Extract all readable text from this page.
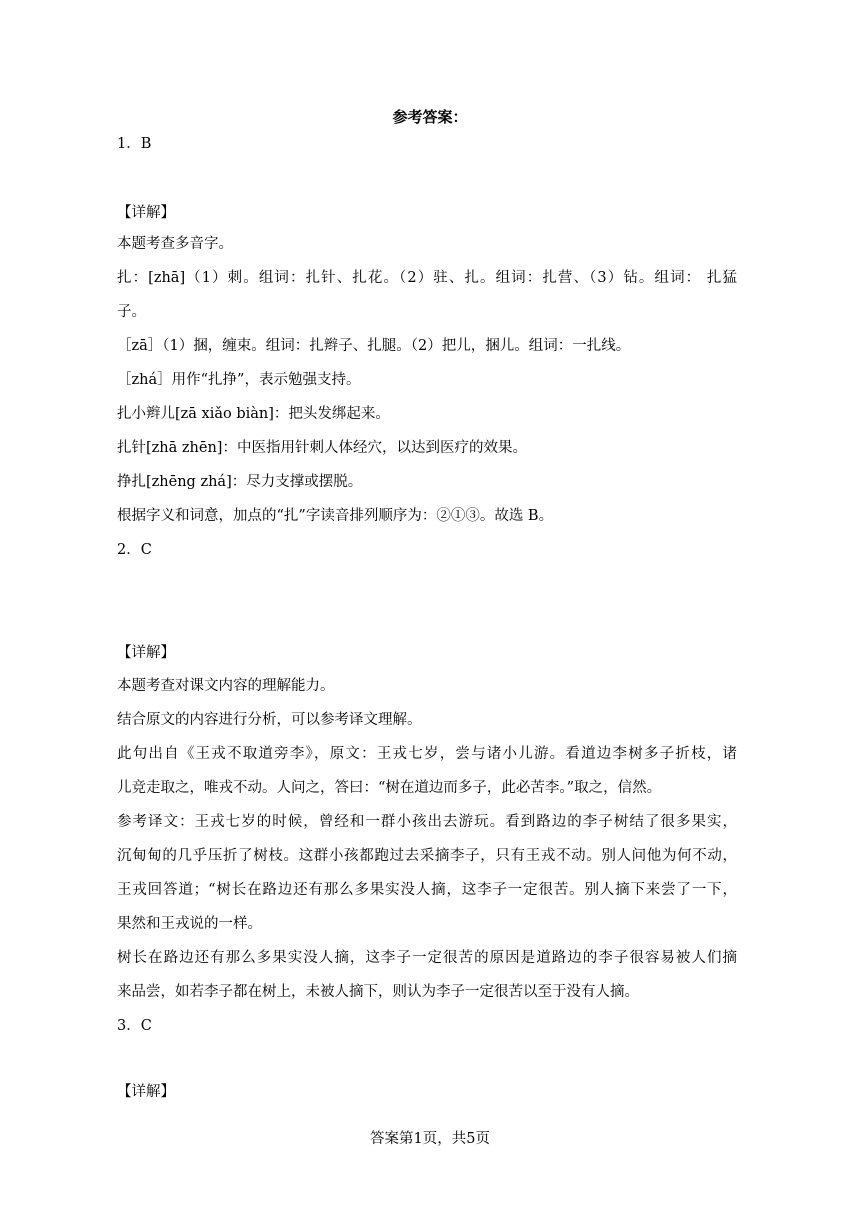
参考答案：
1．B
【详解】
本题考查多音字。
扎：[zhā]（1）刺。组词：扎针、扎花。（2）驻、扎。组词：扎营、（3）钻。组词： 扎猛
子。
［zā］（1）捆，缠束。组词：扎辫子、扎腿。（2）把儿，捆儿。组词：一扎线。
［zhá］用作“扎挣”，表示勉强支持。
扎小辫儿[zā xiǎo biàn]：把头发绑起来。
扎针[zhā zhēn]：中医指用针刺人体经穴，以达到医疗的效果。
挣扎[zhēng zhá]：尽力支撑或摆脱。
根据字义和词意，加点的“扎”字读音排列顺序为：②①③。故选 B。
2．C
【详解】
本题考查对课文内容的理解能力。
结合原文的内容进行分析，可以参考译文理解。
此句出自《王戎不取道旁李》，原文：王戎七岁，尝与诸小儿游。看道边李树多子折枝，诸
儿竞走取之，唯戎不动。人问之，答曰：“树在道边而多子，此必苦李。”取之，信然。
参考译文：王戎七岁的时候，曾经和一群小孩出去游玩。看到路边的李子树结了很多果实，
沉甸甸的几乎压折了树枝。这群小孩都跑过去采摘李子，只有王戎不动。别人问他为何不动，
王戎回答道；“树长在路边还有那么多果实没人摘，这李子一定很苦。别人摘下来尝了一下，
果然和王戎说的一样。
树长在路边还有那么多果实没人摘，这李子一定很苦的原因是道路边的李子很容易被人们摘
来品尝，如若李子都在树上，未被人摘下，则认为李子一定很苦以至于没有人摘。
3．C
【详解】
答案第1页，共5页
